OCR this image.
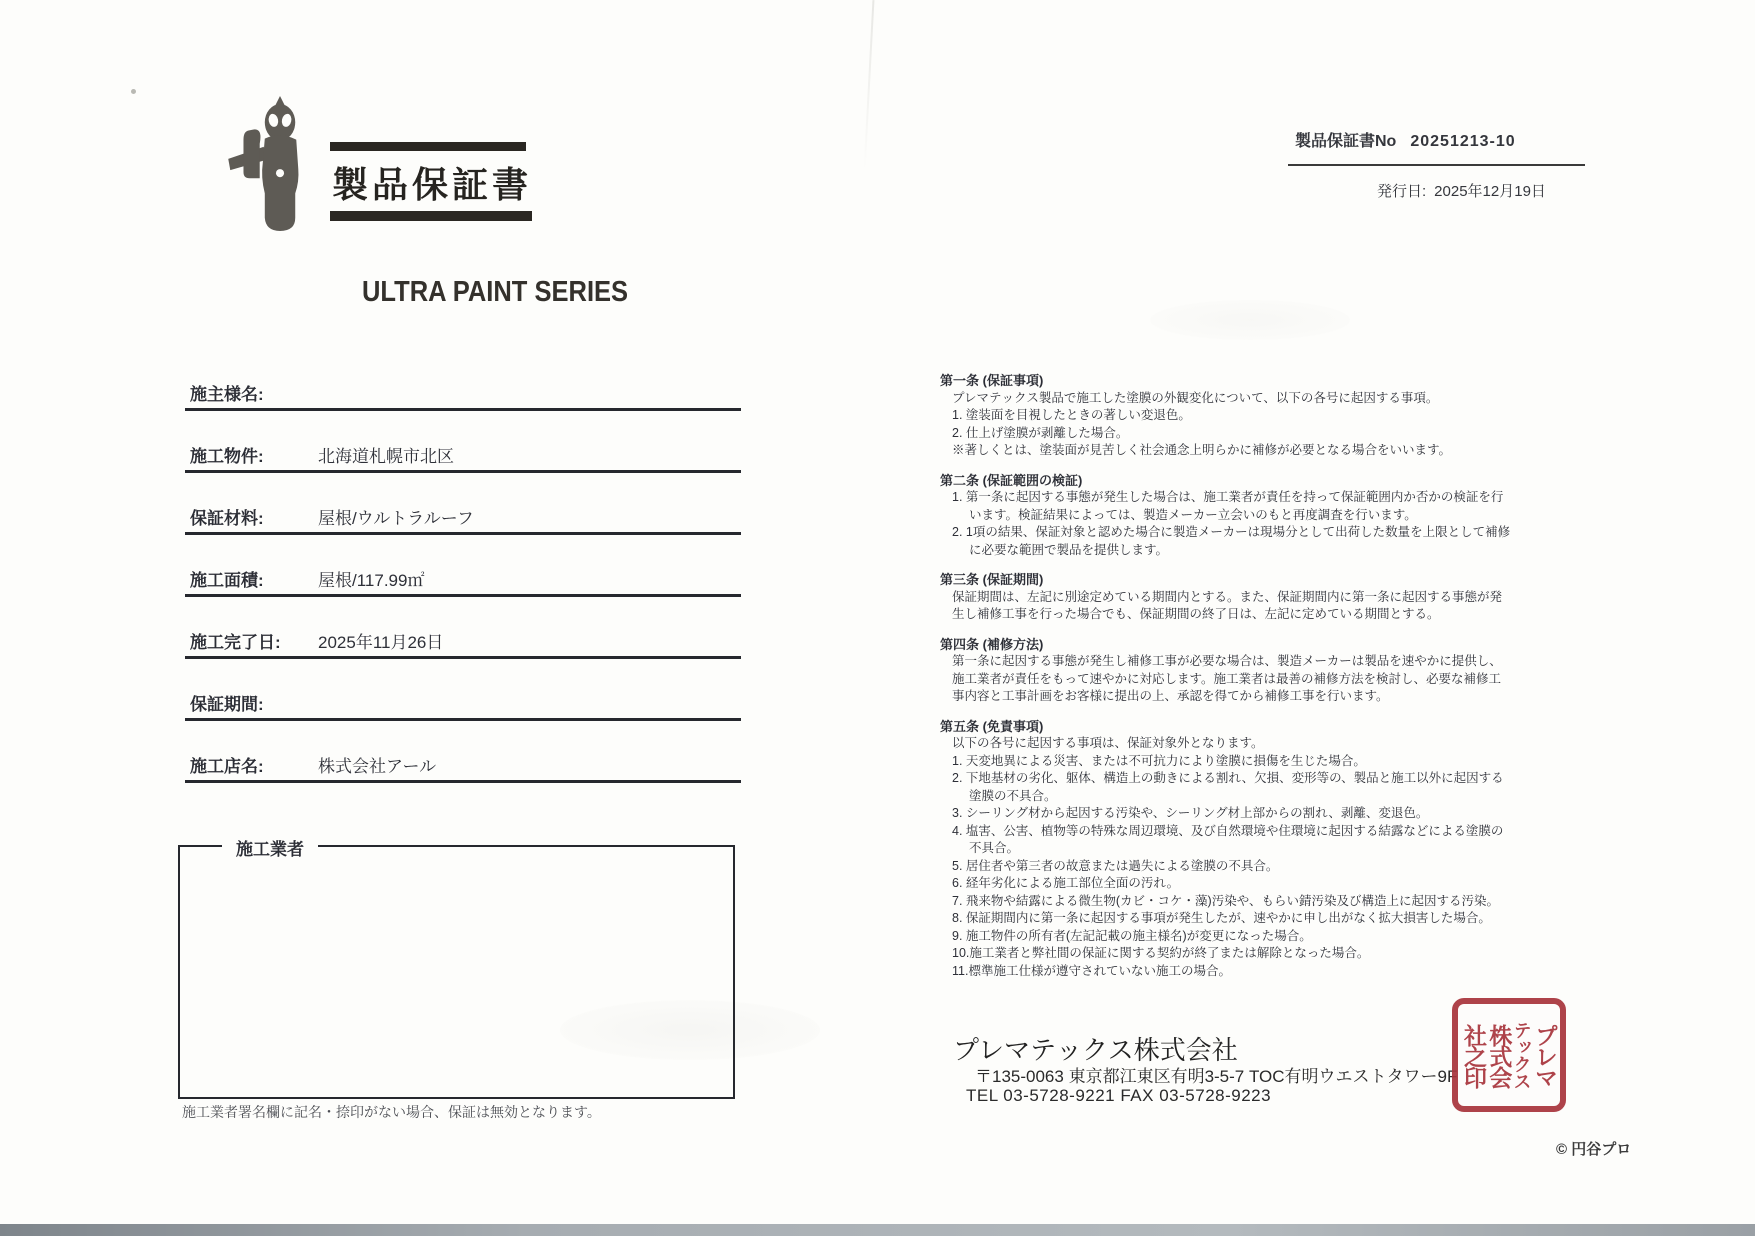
製品保証書
ULTRA PAINT SERIES
製品保証書No 20251213-10
発行日: 2025年12月19日
施主様名:
施工物件:	北海道札幌市北区
保証材料:	屋根/ウルトラルーフ
施工面積:	屋根/117.99㎡
施工完了日: 2025年11月26日
保証期間:
施工店名:	株式会社アール
施工業者
施工業者署名欄に記名・捺印がない場合、保証は無効となります。
第一条 (保証事項)
プレマテックス製品で施工した塗膜の外観変化について、以下の各号に起因する事項。
1. 塗装面を目視したときの著しい変退色。
2. 仕上げ塗膜が剥離した場合。
※著しくとは、塗装面が見苦しく社会通念上明らかに補修が必要となる場合をいいます。
第二条 (保証範囲の検証)
1. 第一条に起因する事態が発生した場合は、施工業者が責任を持って保証範囲内か否かの検証を行います。検証結果によっては、製造メーカー立会いのもと再度調査を行います。
2. 1項の結果、保証対象と認めた場合に製造メーカーは現場分として出荷した数量を上限として補修に必要な範囲で製品を提供します。
第三条 (保証期間)
保証期間は、左記に別途定めている期間内とする。また、保証期間内に第一条に起因する事態が発生し補修工事を行った場合でも、保証期間の終了日は、左記に定めている期間とする。
第四条 (補修方法)
第一条に起因する事態が発生し補修工事が必要な場合は、製造メーカーは製品を速やかに提供し、施工業者が責任をもって速やかに対応します。施工業者は最善の補修方法を検討し、必要な補修工事内容と工事計画をお客様に提出の上、承認を得てから補修工事を行います。
第五条 (免責事項)
以下の各号に起因する事項は、保証対象外となります。
1. 天変地異による災害、または不可抗力により塗膜に損傷を生じた場合。
2. 下地基材の劣化、躯体、構造上の動きによる割れ、欠損、変形等の、製品と施工以外に起因する塗膜の不具合。
3. シーリング材から起因する汚染や、シーリング材上部からの割れ、剥離、変退色。
4. 塩害、公害、植物等の特殊な周辺環境、及び自然環境や住環境に起因する結露などによる塗膜の不具合。
5. 居住者や第三者の故意または過失による塗膜の不具合。
6. 経年劣化による施工部位全面の汚れ。
7. 飛来物や結露による微生物(カビ・コケ・藻)汚染や、もらい錆汚染及び構造上に起因する汚染。
8. 保証期間内に第一条に起因する事項が発生したが、速やかに申し出がなく拡大損害した場合。
9. 施工物件の所有者(左記記載の施主様名)が変更になった場合。
10.施工業者と弊社間の保証に関する契約が終了または解除となった場合。
11.標準施工仕様が遵守されていない施工の場合。
プレマテックス株式会社
〒135-0063 東京都江東区有明3-5-7 TOC有明ウエストタワー9F
TEL 03-5728-9221 FAX 03-5728-9223
社之印 株式会 テックス プレマ
© 円谷プロ
